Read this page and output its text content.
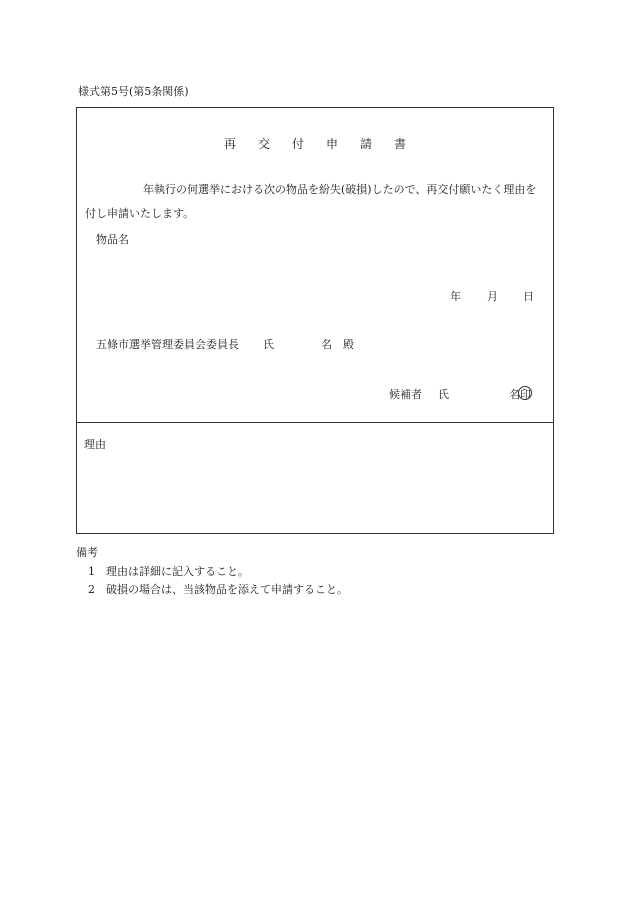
様式第5号(第5条関係)
再交付申請書
年執行の何選挙における次の物品を紛失(破損)したので、再交付願いたく理由を付し申請いたします。
物品名
年 月 日
五條市選挙管理委員会委員長 氏	名 殿
候補者 氏	名 印
理由
備考
1 理由は詳細に記入すること。
2 破損の場合は、当該物品を添えて申請すること。
